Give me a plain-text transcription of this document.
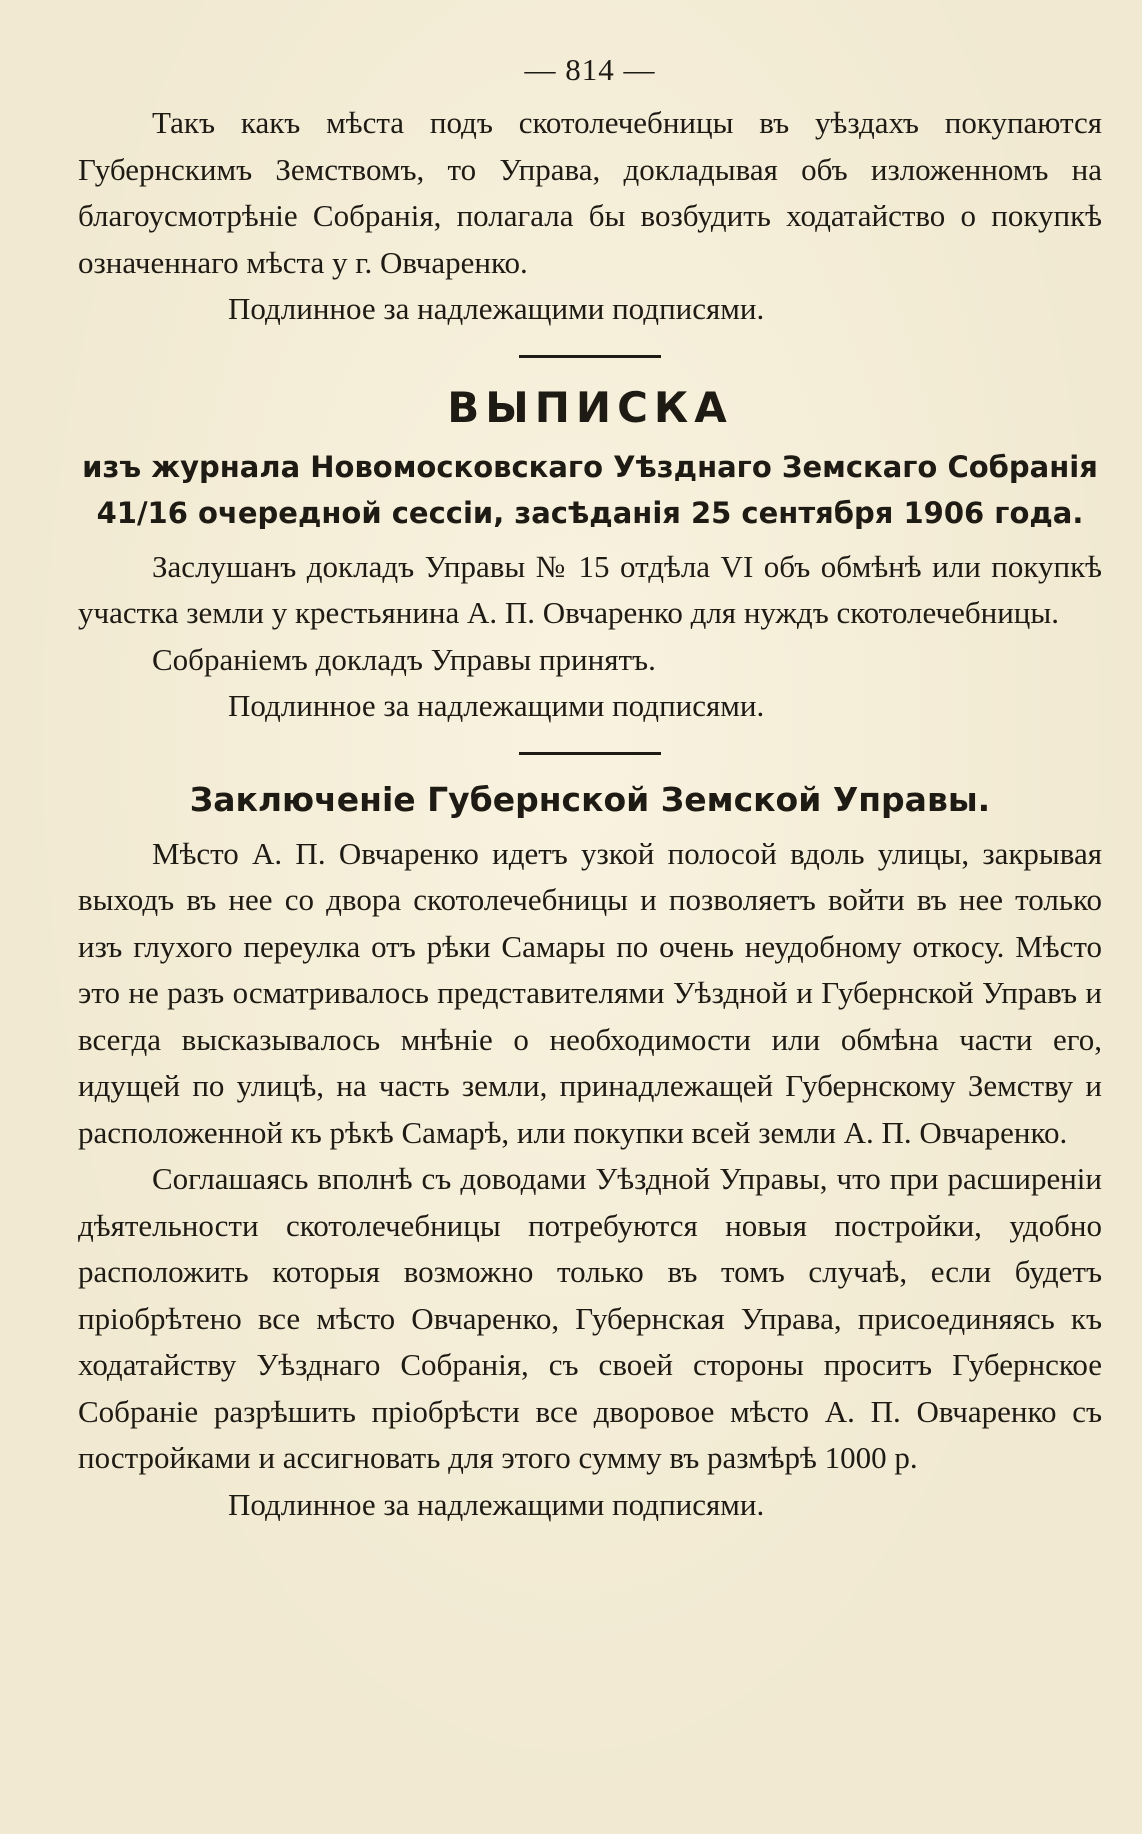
— 814 —

Такъ какъ мѣста подъ скотолечебницы въ уѣздахъ покупаются Губернскимъ Земствомъ, то Управа, докладывая объ изложенномъ на благоусмотрѣніе Собранія, полагала бы возбудить ходатайство о покупкѣ означеннаго мѣста у г. Овчаренко.

Подлинное за надлежащими подписями.

ВЫПИСКА
изъ журнала Новомосковскаго Уѣзднаго Земскаго Собранія 41/16 очередной сессіи, засѣданія 25 сентября 1906 года.

Заслушанъ докладъ Управы № 15 отдѣла VI объ обмѣнѣ или покупкѣ участка земли у крестьянина А. П. Овчаренко для нуждъ скотолечебницы.

Собраніемъ докладъ Управы принятъ.

Подлинное за надлежащими подписями.

Заключеніе Губернской Земской Управы.

Мѣсто А. П. Овчаренко идетъ узкой полосой вдоль улицы, закрывая выходъ въ нее со двора скотолечебницы и позволяетъ войти въ нее только изъ глухого переулка отъ рѣки Самары по очень неудобному откосу. Мѣсто это не разъ осматривалось представителями Уѣздной и Губернской Управъ и всегда высказывалось мнѣніе о необходимости или обмѣна части его, идущей по улицѣ, на часть земли, принадлежащей Губернскому Земству и расположенной къ рѣкѣ Самарѣ, или покупки всей земли А. П. Овчаренко.

Соглашаясь вполнѣ съ доводами Уѣздной Управы, что при расширеніи дѣятельности скотолечебницы потребуются новыя постройки, удобно расположить которыя возможно только въ томъ случаѣ, если будетъ пріобрѣтено все мѣсто Овчаренко, Губернская Управа, присоединяясь къ ходатайству Уѣзднаго Собранія, съ своей стороны проситъ Губернское Собраніе разрѣшить пріобрѣсти все дворовое мѣсто А. П. Овчаренко съ постройками и ассигновать для этого сумму въ размѣрѣ 1000 р.

Подлинное за надлежащими подписями.
